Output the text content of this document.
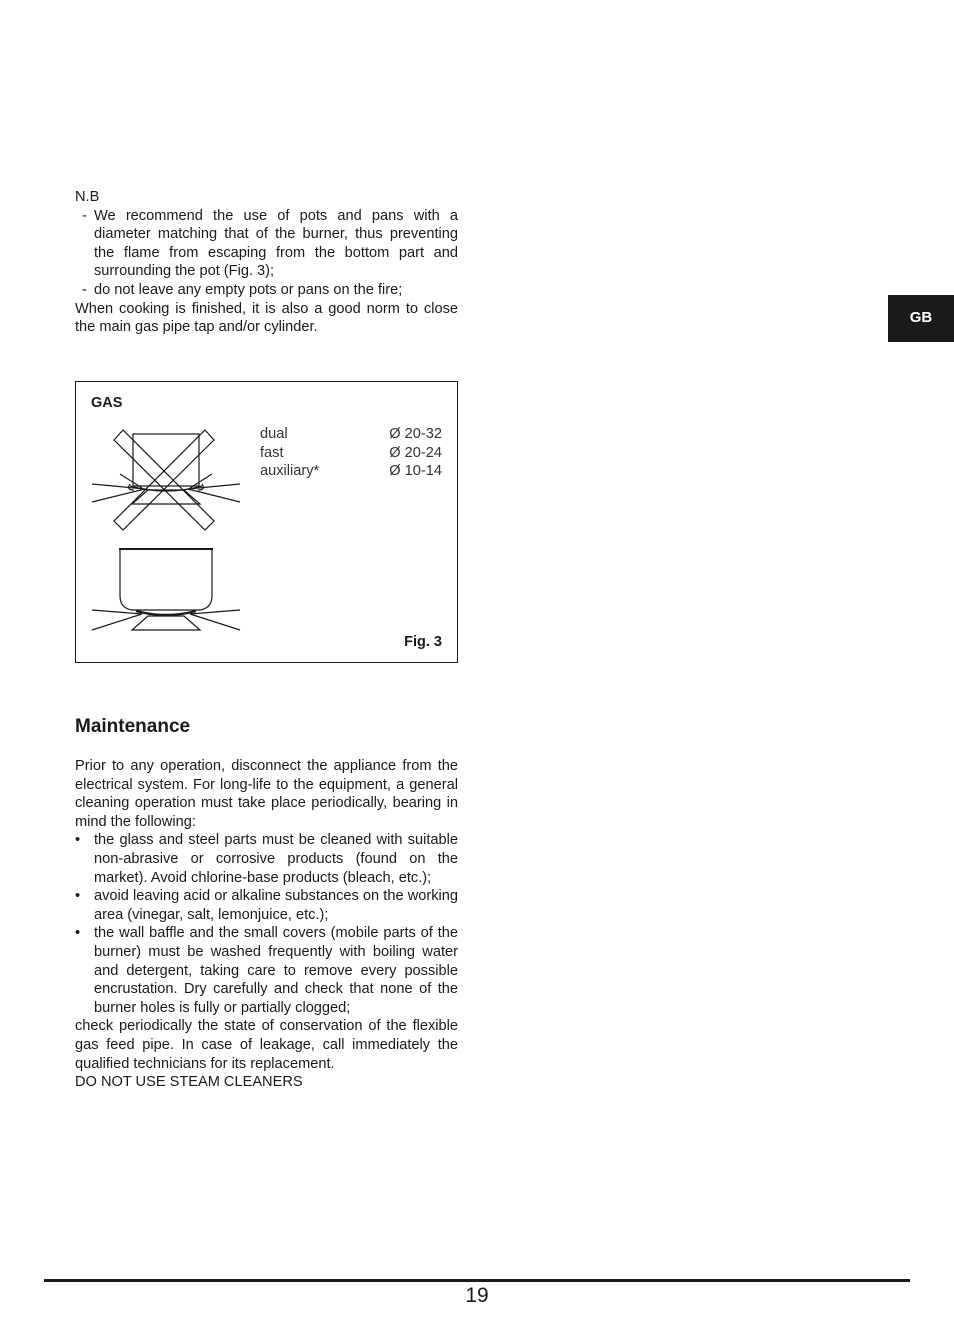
N.B
- We recommend the use of pots and pans with a diameter matching that of the burner, thus preventing the flame from escaping from the bottom part and surrounding the pot (Fig. 3);
- do not leave any empty pots or pans on the fire;
When cooking is finished, it is also a good norm to close the main gas pipe tap and/or cylinder.
GB
GAS
dual	Ø 20-32
fast	Ø 20-24
auxiliary*	Ø 10-14
Fig. 3
Maintenance
Prior to any operation, disconnect the appliance from the electrical system. For long-life to the equipment, a general cleaning operation must take place periodically, bearing in mind the following:
• the glass and steel parts must be cleaned with suitable non-abrasive or corrosive products (found on the market). Avoid chlorine-base products (bleach, etc.);
• avoid leaving acid or alkaline substances on the working area (vinegar, salt, lemonjuice, etc.);
• the wall baffle and the small covers (mobile parts of the burner) must be washed frequently with boiling water and detergent, taking care to remove every possible encrustation. Dry carefully and check that none of the burner holes is fully or partially clogged;
check periodically the state of conservation of the flexible gas feed pipe. In case of leakage, call immediately the qualified technicians for its replacement.
DO NOT USE STEAM CLEANERS
19
